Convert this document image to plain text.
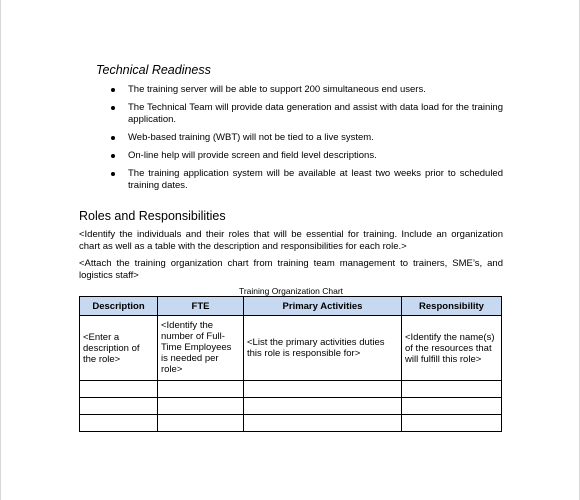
Technical Readiness
The training server will be able to support 200 simultaneous end users.
The Technical Team will provide data generation and assist with data load for the training application.
Web-based training (WBT) will not be tied to a live system.
On-line help will provide screen and field level descriptions.
The training application system will be available at least two weeks prior to scheduled training dates.
Roles and Responsibilities

<Identify the individuals and their roles that will be essential for training. Include an organization chart as well as a table with the description and responsibilities for each role.>

<Attach the training organization chart from training team management to trainers, SME’s, and logistics staff>

Training Organization Chart
Description	FTE	Primary Activities	Responsibility
<Enter a description of the role>	<Identify the number of Full-Time Employees is needed per role>	<List the primary activities duties this role is responsible for>	<Identify the name(s) of the resources that will fulfill this role>
